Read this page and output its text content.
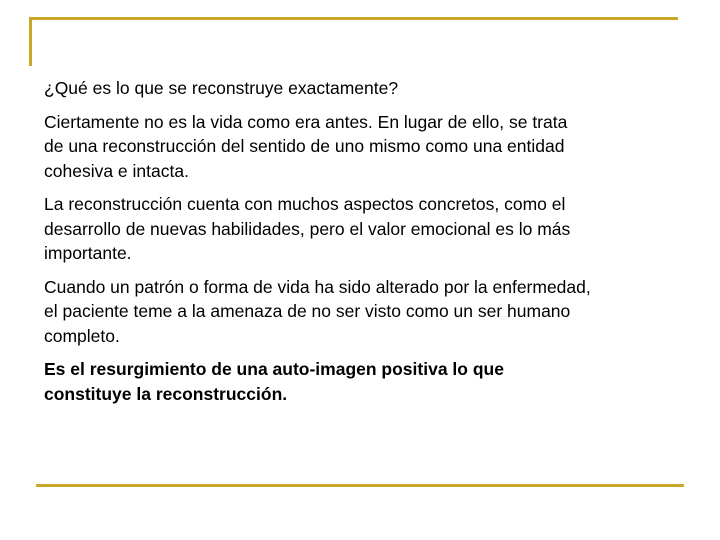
¿Qué es lo que se reconstruye exactamente?

Ciertamente no es la vida como era antes. En lugar de ello, se trata
de una reconstrucción del sentido de uno mismo como una entidad
cohesiva e intacta.

La reconstrucción cuenta con muchos aspectos concretos, como el
desarrollo de nuevas habilidades, pero el valor emocional es lo más
importante.

Cuando un patrón o forma de vida ha sido alterado por la enfermedad,
el paciente teme a la amenaza de no ser visto como un ser humano
completo.

Es el resurgimiento de una auto-imagen positiva lo que
constituye la reconstrucción.
